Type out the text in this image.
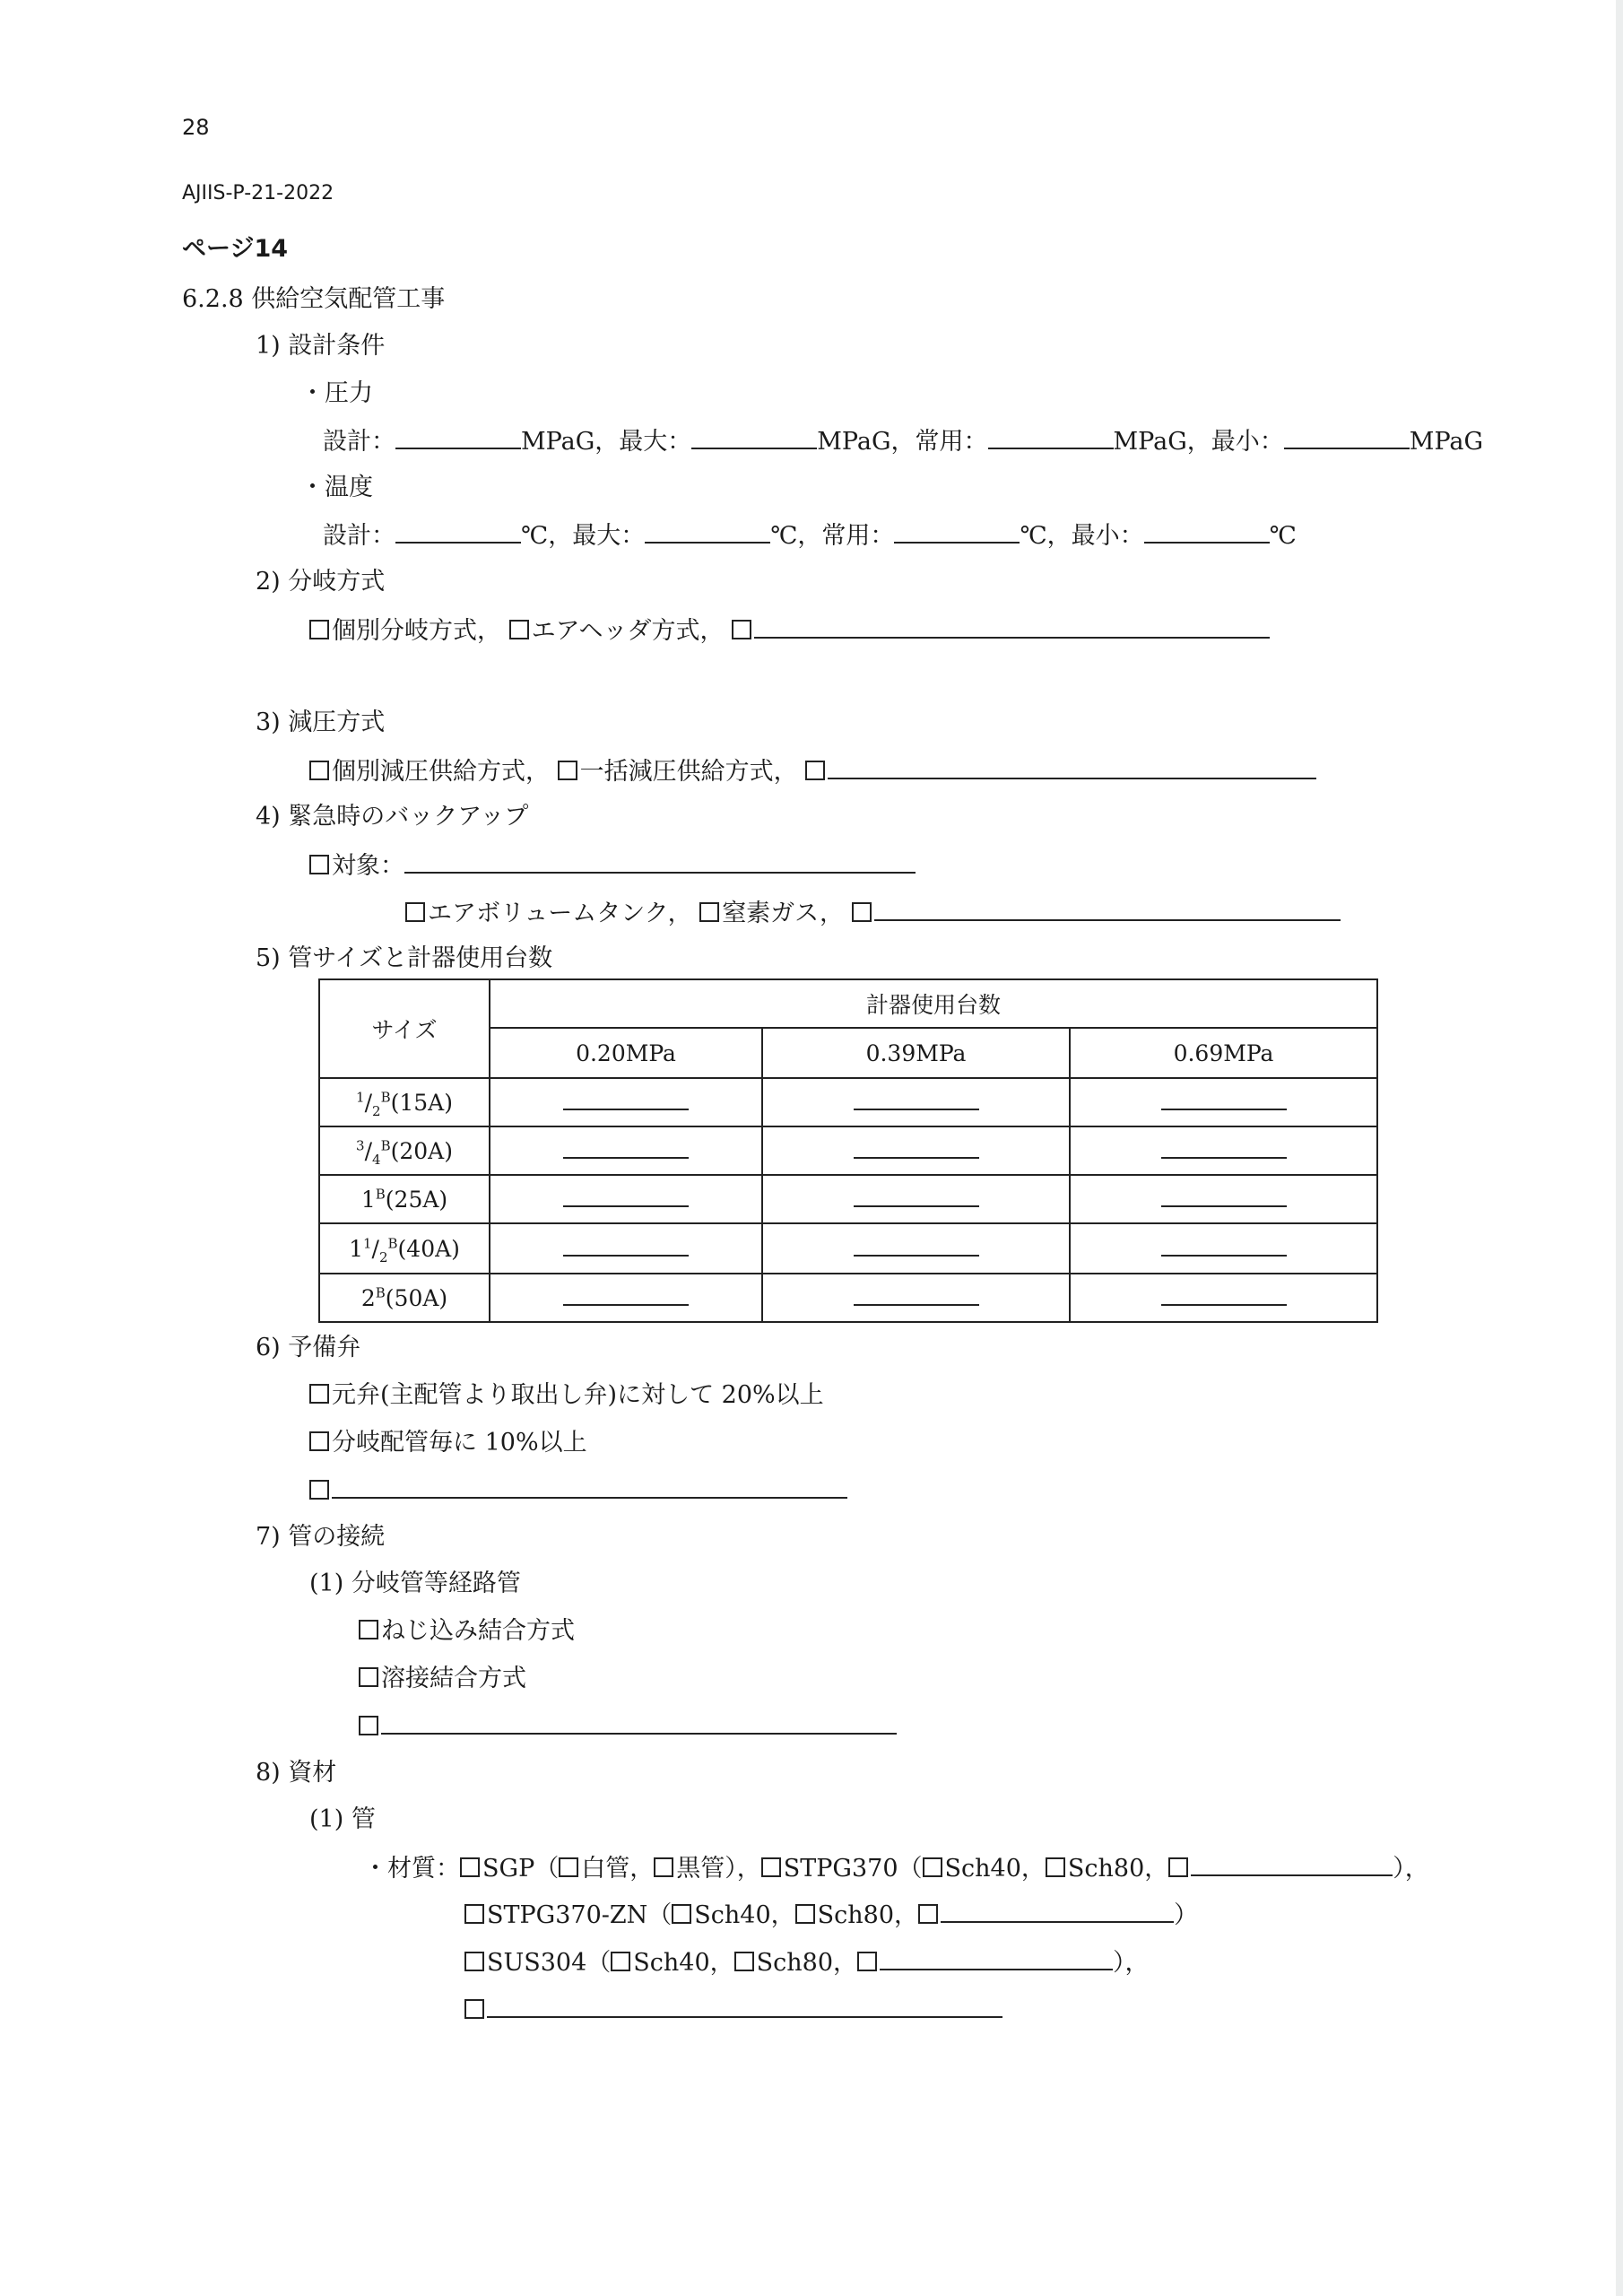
28
AJIIS-P-21-2022
ページ14
6.2.8 供給空気配管工事
1) 設計条件
・圧力
設計：	MPaG，最大：	MPaG，常用：	MPaG，最小：	MPaG
・温度
設計：	℃，最大：	℃，常用：	℃，最小：	℃
2) 分岐方式
個別分岐方式， エアヘッダ方式，
3) 減圧方式
個別減圧供給方式， 一括減圧供給方式，
4) 緊急時のバックアップ
対象：
エアボリュームタンク， 窒素ガス，
5) 管サイズと計器使用台数
サイズ	計器使用台数		
	0.20MPa	0.39MPa	0.69MPa
$^1/_2^B(15A)$			
$^3/_4^B(20A)$			
$1^B(25A)$			
$1^1/_2^B(40A)$			
$2^B(50A)$			
6) 予備弁
元弁(主配管より取出し弁)に対して 20%以上
分岐配管毎に 10%以上
7) 管の接続
(1) 分岐管等経路管
ねじ込み結合方式
溶接結合方式
8) 資材
(1) 管
・材質： SGP（ 白管， 黒管）， STPG370（ Sch40， Sch80，	），
STPG370-ZN（ Sch40， Sch80，	）
SUS304（ Sch40， Sch80，	），
